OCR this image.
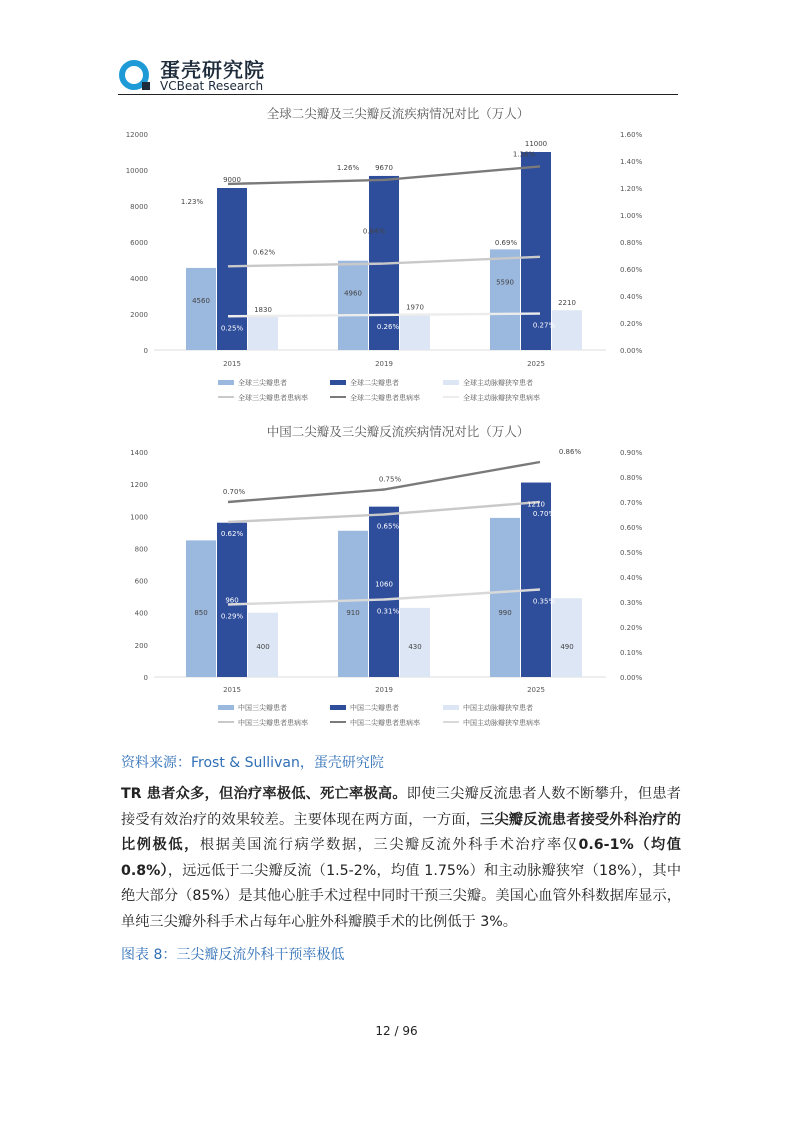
蛋壳研究院
VCBeat Research
全球二尖瓣及三尖瓣反流疾病情况对比（万人）
0
2000
4000
6000
8000
10000
12000
0.00%
0.20%
0.40%
0.60%
0.80%
1.00%
1.20%
1.40%
1.60%
4560
4960
5590
9000
9670
11000
1830	1970
2210
0.62%
0.64%
0.69%
1.23%
1.26%
1.36%
0.25%	0.26%	0.27%
2015	2019	2025
全球三尖瓣患者	全球二尖瓣患者	全球主动脉瓣狭窄患者
全球三尖瓣患者患病率	全球二尖瓣患者患病率	全球主动脉瓣狭窄患病率
中国二尖瓣及三尖瓣反流疾病情况对比（万人）
0
200
400
600
800
1000
1200
1400
0.00%
0.10%
0.20%
0.30%
0.40%
0.50%
0.60%
0.70%
0.80%
0.90%
850	910	990
960
1060
1210
400	430	490
0.62%
0.65%
0.70%
0.70%
0.75%
0.86%
0.29%
0.31%
0.35%
2015	2019	2025
中国三尖瓣患者	中国二尖瓣患者	中国主动脉瓣狭窄患者
中国三尖瓣患者患病率	中国二尖瓣患者患病率	中国主动脉瓣狭窄患病率
资料来源：Frost & Sullivan，蛋壳研究院
TR 患者众多，但治疗率极低、死亡率极高。即使三尖瓣反流患者人数不断攀升，但患者接受有效治疗的效果较差。主要体现在两方面，一方面，三尖瓣反流患者接受外科治疗的比例极低，根据美国流行病学数据，三尖瓣反流外科手术治疗率仅0.6-1%（均值 0.8%），远远低于二尖瓣反流（1.5-2%，均值 1.75%）和主动脉瓣狭窄（18%），其中绝大部分（85%）是其他心脏手术过程中同时干预三尖瓣。美国心血管外科数据库显示，单纯三尖瓣外科手术占每年心脏外科瓣膜手术的比例低于 3%。
图表 8：三尖瓣反流外科干预率极低
12 / 96
